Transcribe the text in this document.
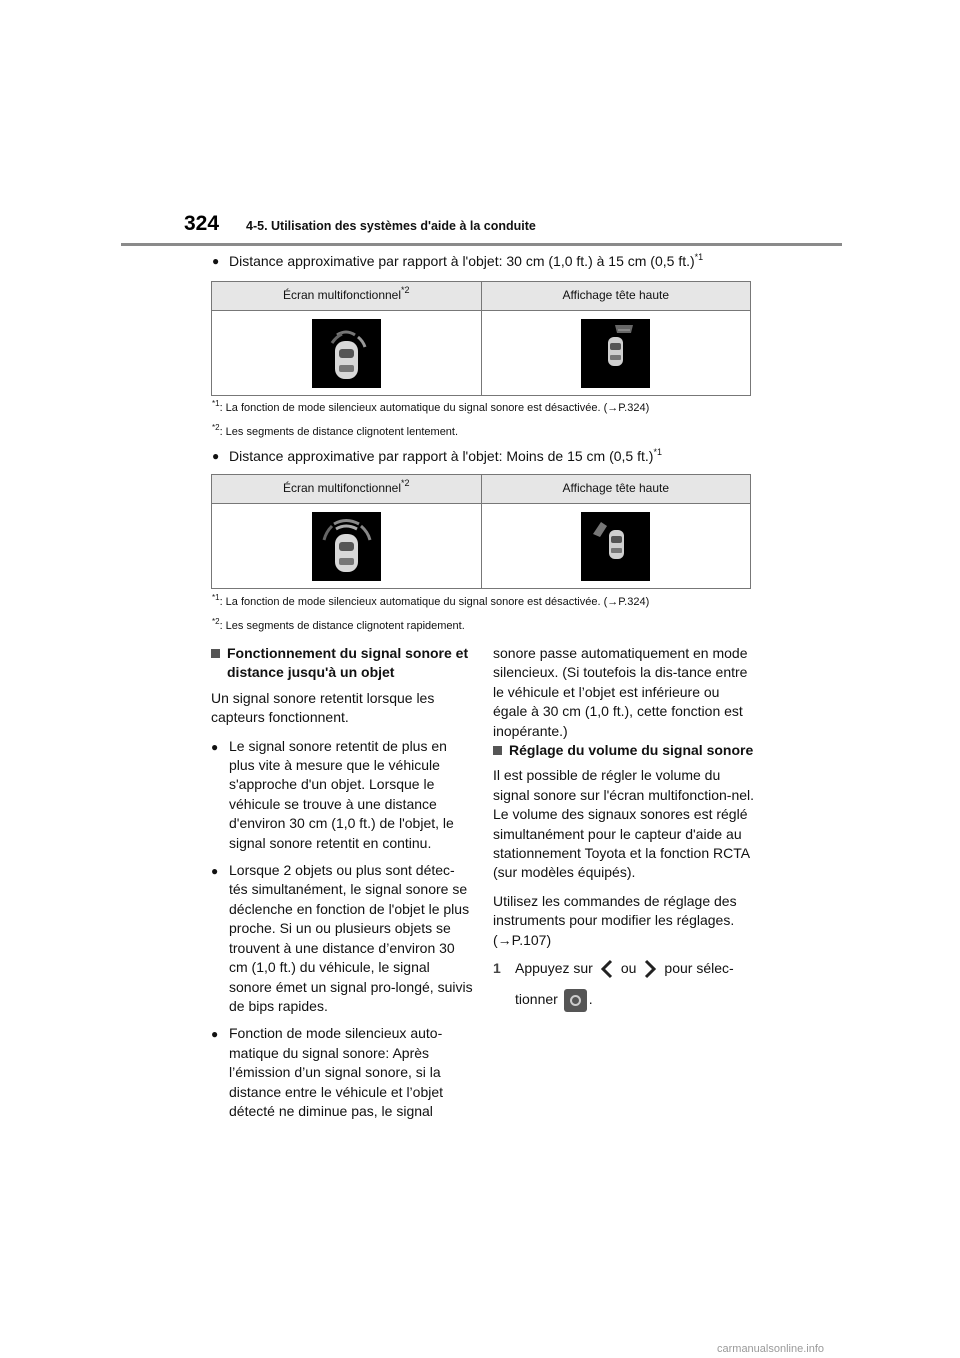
324 4-5. Utilisation des systèmes d'aide à la conduite
● Distance approximative par rapport à l'objet: 30 cm (1,0 ft.) à 15 cm (0,5 ft.)$^{*1}$
Écran multifonctionnel$^{*2}$	Affichage tête haute
$^{*1}$: La fonction de mode silencieux automatique du signal sonore est désactivée. (→P.324)
$^{*2}$: Les segments de distance clignotent lentement.
● Distance approximative par rapport à l'objet: Moins de 15 cm (0,5 ft.)$^{*1}$
Écran multifonctionnel$^{*2}$	Affichage tête haute
$^{*1}$: La fonction de mode silencieux automatique du signal sonore est désactivée. (→P.324)
$^{*2}$: Les segments de distance clignotent rapidement.
Fonctionnement du signal sonore et distance jusqu'à un objet

Un signal sonore retentit lorsque les capteurs fonctionnent.

● Le signal sonore retentit de plus en plus vite à mesure que le véhicule s'approche d'un objet. Lorsque le véhicule se trouve à une distance d'environ 30 cm (1,0 ft.) de l'objet, le signal sonore retentit en continu.
● Lorsque 2 objets ou plus sont détec-tés simultanément, le signal sonore se déclenche en fonction de l'objet le plus proche. Si un ou plusieurs objets se trouvent à une distance d’environ 30 cm (1,0 ft.) du véhicule, le signal sonore émet un signal pro-longé, suivis de bips rapides.
● Fonction de mode silencieux auto-matique du signal sonore: Après l’émission d’un signal sonore, si la distance entre le véhicule et l’objet détecté ne diminue pas, le signal
sonore passe automatiquement en mode silencieux. (Si toutefois la dis-tance entre le véhicule et l’objet est inférieure ou égale à 30 cm (1,0 ft.), cette fonction est inopérante.)
Réglage du volume du signal sonore

Il est possible de régler le volume du signal sonore sur l'écran multifonction-nel. Le volume des signaux sonores est réglé simultanément pour le capteur d'aide au stationnement Toyota et la fonction RCTA (sur modèles équipés).

Utilisez les commandes de réglage des instruments pour modifier les réglages. (→P.107)

1	Appuyez sur ou pour sélec-
tionner .
carmanualsonline.info
